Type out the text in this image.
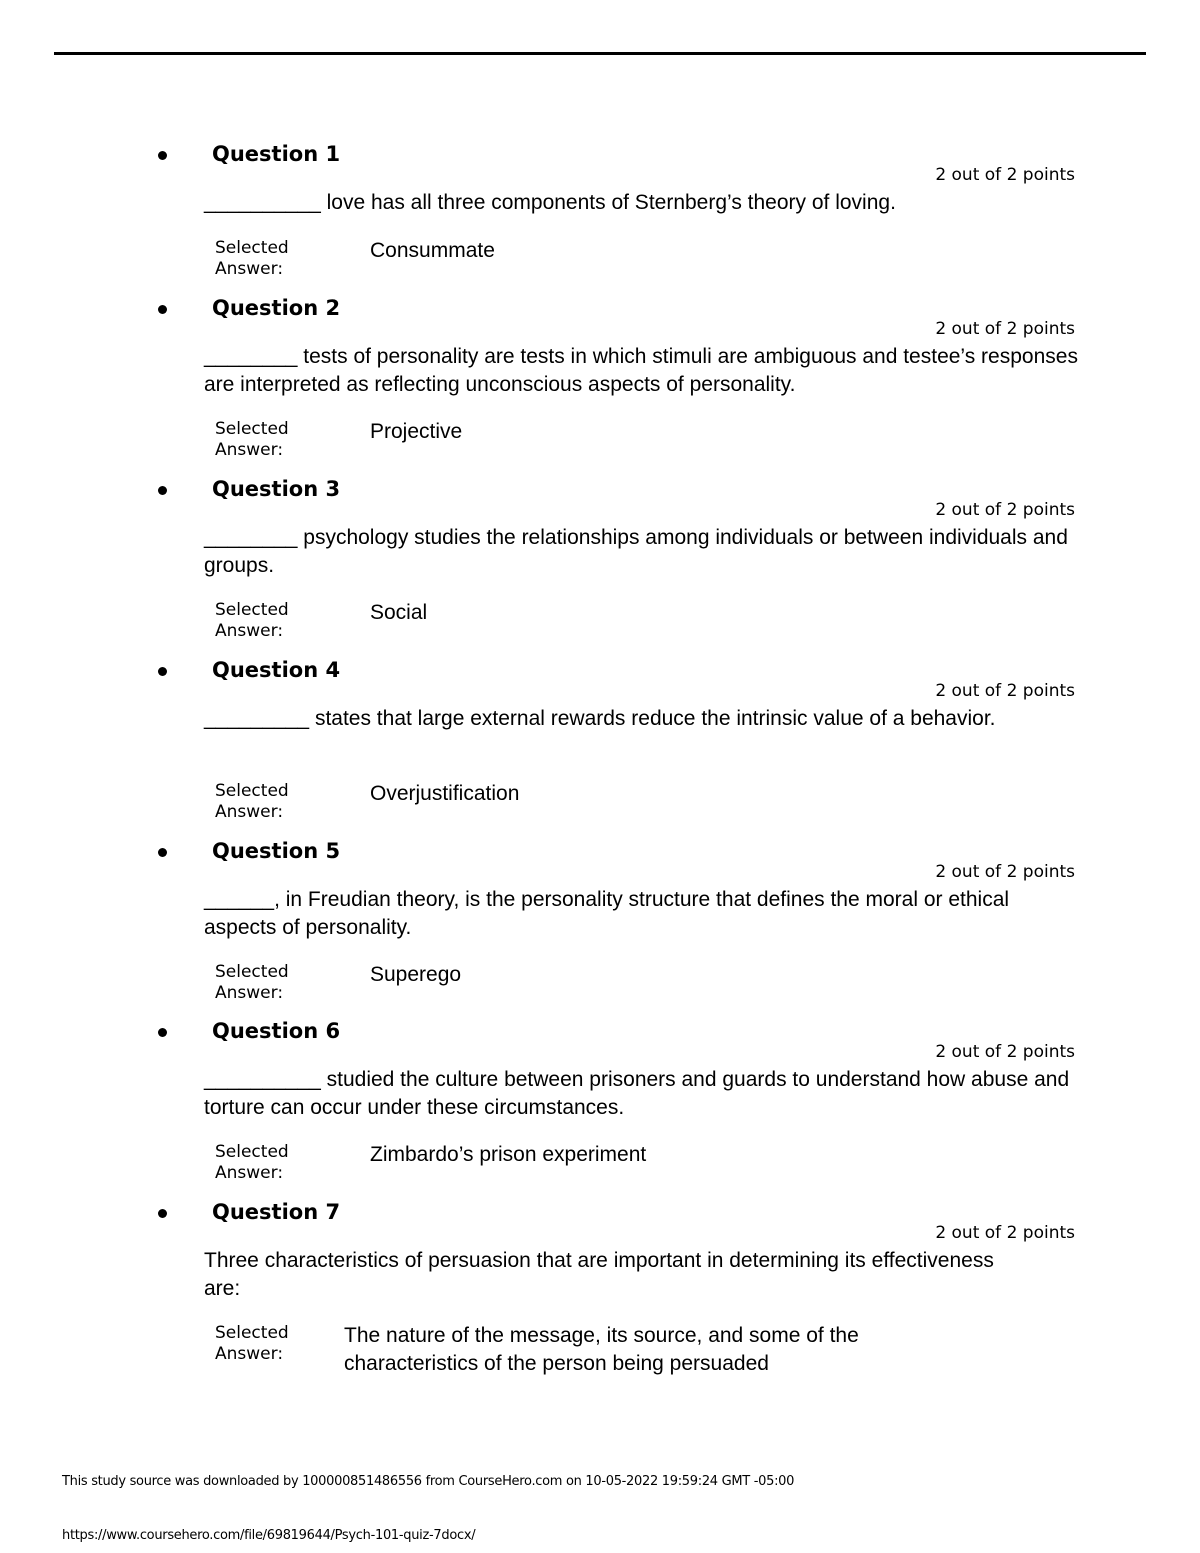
Question 1
2 out of 2 points
__________ love has all three components of Sternberg’s theory of loving.
Selected
Answer:
Consummate
Question 2
2 out of 2 points
________ tests of personality are tests in which stimuli are ambiguous and testee’s responses are interpreted as reflecting unconscious aspects of personality.
Selected
Answer:
Projective
Question 3
2 out of 2 points
________ psychology studies the relationships among individuals or between individuals and groups.
Selected
Answer:
Social
Question 4
2 out of 2 points
_________ states that large external rewards reduce the intrinsic value of a behavior.
Selected
Answer:
Overjustification
Question 5
2 out of 2 points
______, in Freudian theory, is the personality structure that defines the moral or ethical aspects of personality.
Selected
Answer:
Superego
Question 6
2 out of 2 points
__________ studied the culture between prisoners and guards to understand how abuse and torture can occur under these circumstances.
Selected
Answer:
Zimbardo’s prison experiment
Question 7
2 out of 2 points
Three characteristics of persuasion that are important in determining its effectiveness are:
Selected
Answer:
The nature of the message, its source, and some of the characteristics of the person being persuaded
This study source was downloaded by 100000851486556 from CourseHero.com on 10-05-2022 19:59:24 GMT -05:00
https://www.coursehero.com/file/69819644/Psych-101-quiz-7docx/
